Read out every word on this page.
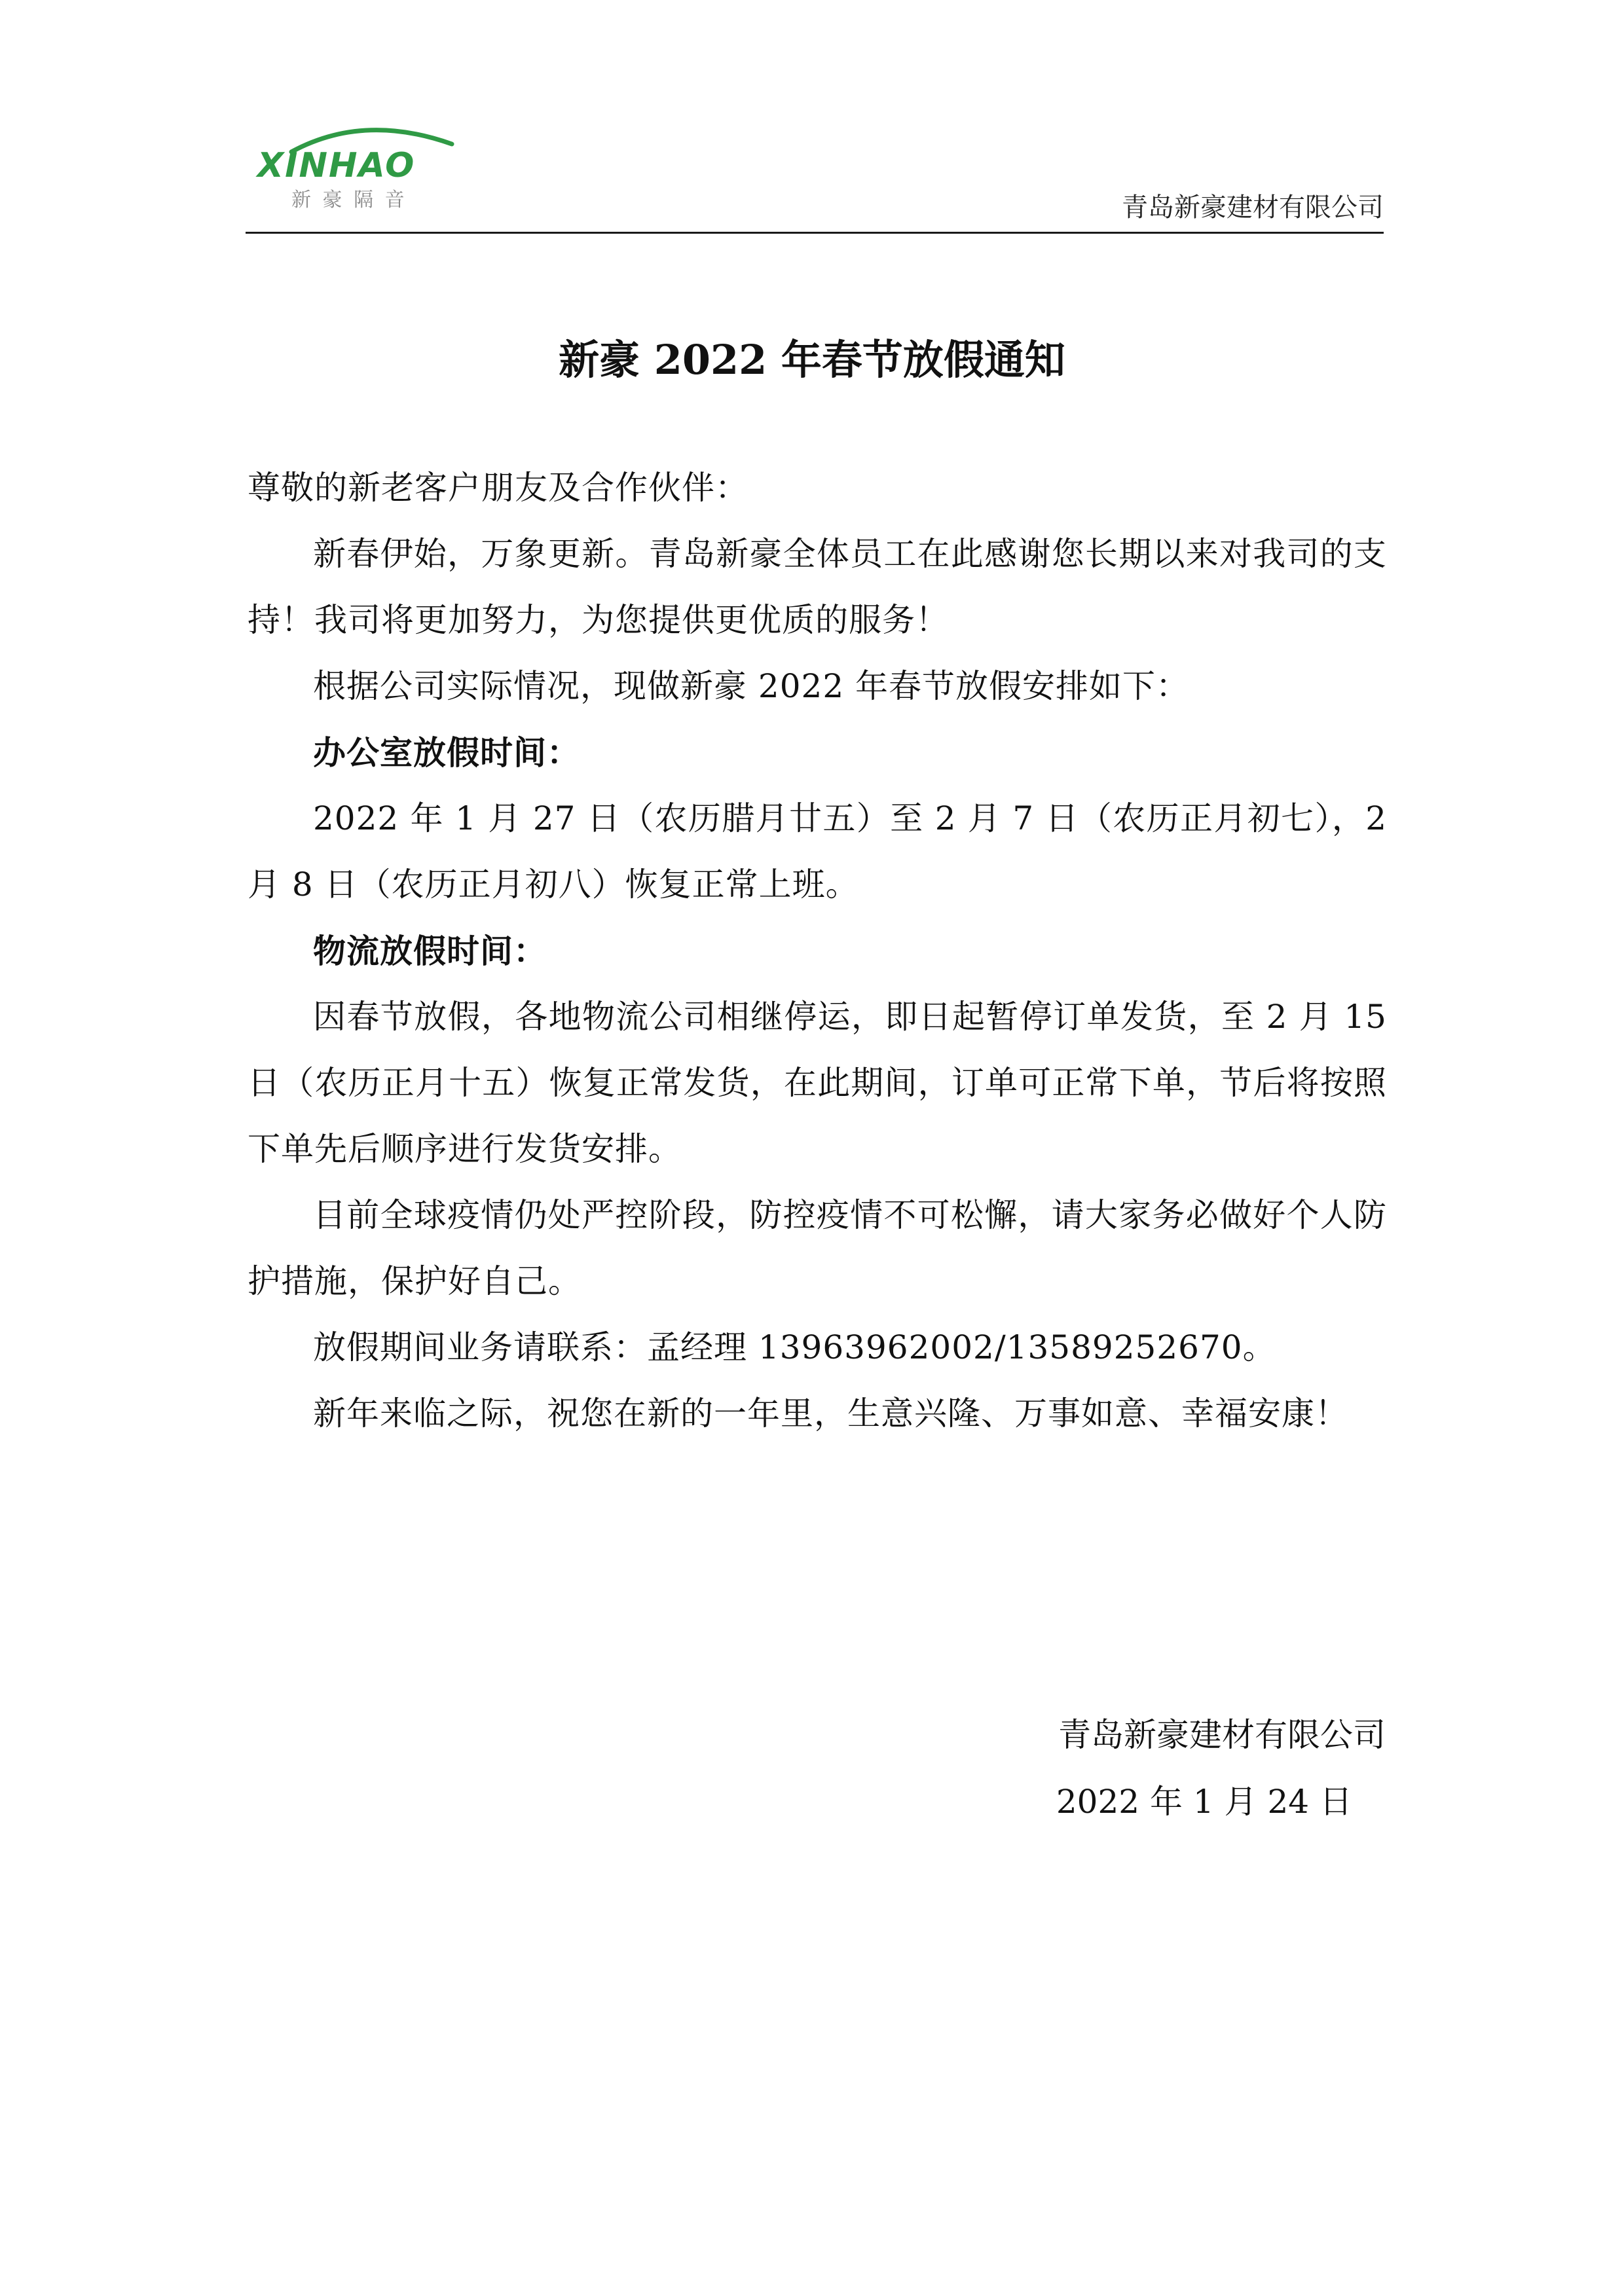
XINHAO
新 豪 隔 音	青岛新豪建材有限公司
新豪 2022 年春节放假通知

尊敬的新老客户朋友及合作伙伴：

新春伊始，万象更新。青岛新豪全体员工在此感谢您长期以来对我司的支持！我司将更加努力，为您提供更优质的服务！

根据公司实际情况，现做新豪 2022 年春节放假安排如下：

办公室放假时间：

2022 年 1 月 27 日（农历腊月廿五）至 2 月 7 日（农历正月初七），2 月 8 日（农历正月初八）恢复正常上班。

物流放假时间：

因春节放假，各地物流公司相继停运，即日起暂停订单发货，至 2 月 15 日（农历正月十五）恢复正常发货，在此期间，订单可正常下单，节后将按照下单先后顺序进行发货安排。

目前全球疫情仍处严控阶段，防控疫情不可松懈，请大家务必做好个人防护措施，保护好自己。

放假期间业务请联系：孟经理 13963962002/13589252670。

新年来临之际，祝您在新的一年里，生意兴隆、万事如意、幸福安康！

青岛新豪建材有限公司
2022 年 1 月 24 日
